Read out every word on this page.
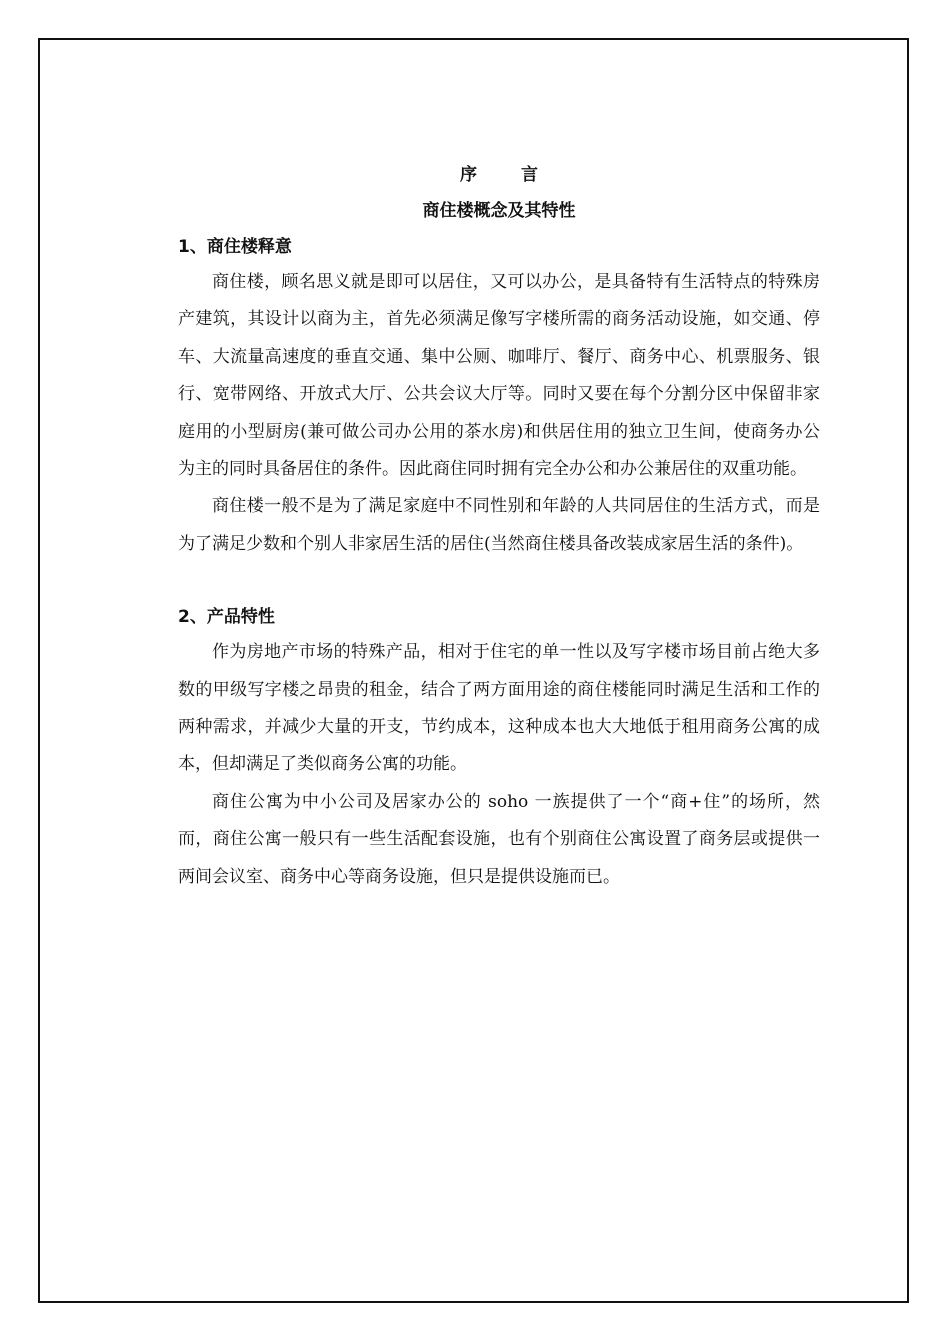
序言
商住楼概念及其特性
1、商住楼释意

商住楼，顾名思义就是即可以居住，又可以办公，是具备特有生活特点的特殊房产建筑，其设计以商为主，首先必须满足像写字楼所需的商务活动设施，如交通、停车、大流量高速度的垂直交通、集中公厕、咖啡厅、餐厅、商务中心、机票服务、银行、宽带网络、开放式大厅、公共会议大厅等。同时又要在每个分割分区中保留非家庭用的小型厨房(兼可做公司办公用的茶水房)和供居住用的独立卫生间，使商务办公为主的同时具备居住的条件。因此商住同时拥有完全办公和办公兼居住的双重功能。

商住楼一般不是为了满足家庭中不同性别和年龄的人共同居住的生活方式，而是为了满足少数和个别人非家居生活的居住(当然商住楼具备改装成家居生活的条件)。

2、产品特性

作为房地产市场的特殊产品，相对于住宅的单一性以及写字楼市场目前占绝大多数的甲级写字楼之昂贵的租金，结合了两方面用途的商住楼能同时满足生活和工作的两种需求，并减少大量的开支，节约成本，这种成本也大大地低于租用商务公寓的成本，但却满足了类似商务公寓的功能。

商住公寓为中小公司及居家办公的 soho 一族提供了一个“商+住”的场所，然而，商住公寓一般只有一些生活配套设施，也有个别商住公寓设置了商务层或提供一两间会议室、商务中心等商务设施，但只是提供设施而已。
